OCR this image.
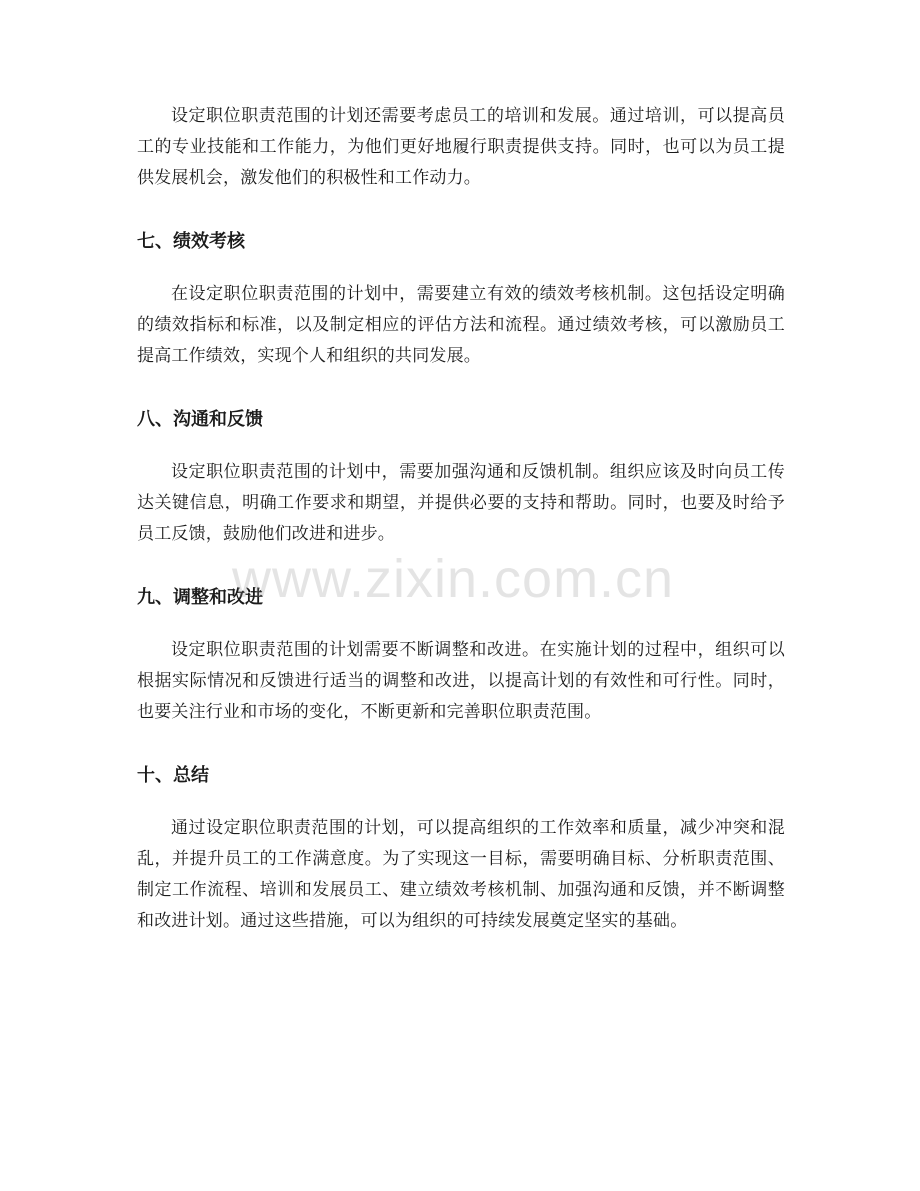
设定职位职责范围的计划还需要考虑员工的培训和发展。通过培训，可以提高员工的专业技能和工作能力，为他们更好地履行职责提供支持。同时，也可以为员工提供发展机会，激发他们的积极性和工作动力。

七、绩效考核

在设定职位职责范围的计划中，需要建立有效的绩效考核机制。这包括设定明确的绩效指标和标准，以及制定相应的评估方法和流程。通过绩效考核，可以激励员工提高工作绩效，实现个人和组织的共同发展。

八、沟通和反馈

设定职位职责范围的计划中，需要加强沟通和反馈机制。组织应该及时向员工传达关键信息，明确工作要求和期望，并提供必要的支持和帮助。同时，也要及时给予员工反馈，鼓励他们改进和进步。

九、调整和改进

设定职位职责范围的计划需要不断调整和改进。在实施计划的过程中，组织可以根据实际情况和反馈进行适当的调整和改进，以提高计划的有效性和可行性。同时，也要关注行业和市场的变化，不断更新和完善职位职责范围。

十、总结

通过设定职位职责范围的计划，可以提高组织的工作效率和质量，减少冲突和混乱，并提升员工的工作满意度。为了实现这一目标，需要明确目标、分析职责范围、制定工作流程、培训和发展员工、建立绩效考核机制、加强沟通和反馈，并不断调整和改进计划。通过这些措施，可以为组织的可持续发展奠定坚实的基础。

www.zixin.com.cn
